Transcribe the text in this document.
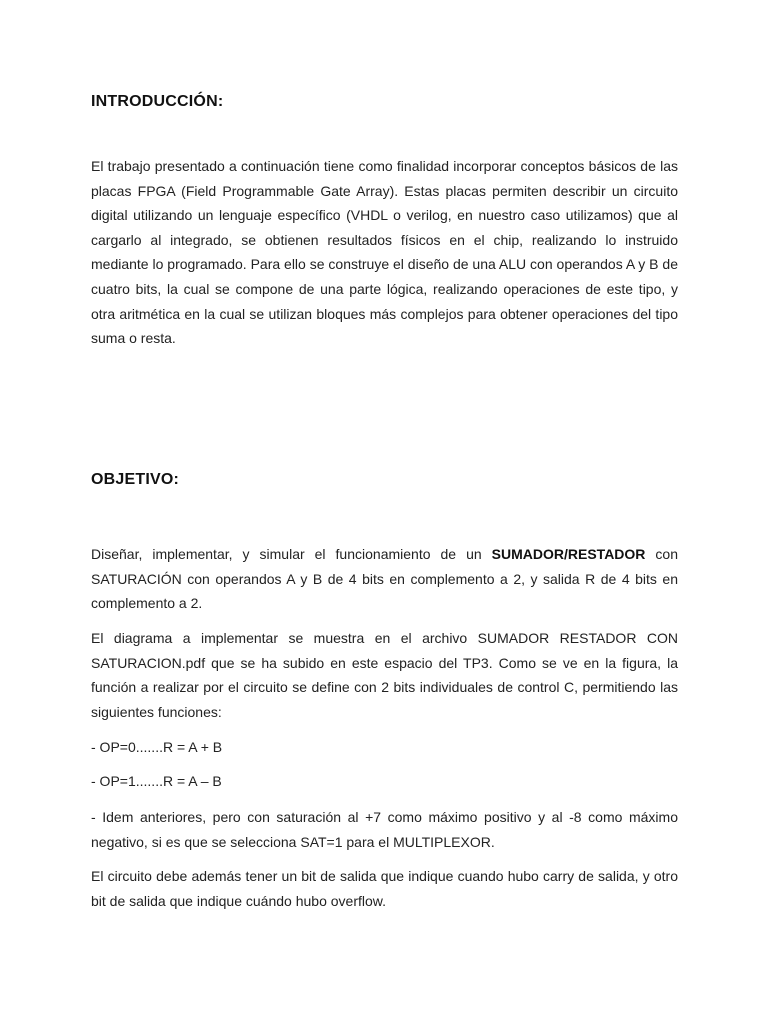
INTRODUCCIÓN:

El trabajo presentado a continuación tiene como finalidad incorporar conceptos básicos de las placas FPGA (Field Programmable Gate Array). Estas placas permiten describir un circuito digital utilizando un lenguaje específico (VHDL o verilog, en nuestro caso utilizamos) que al cargarlo al integrado, se obtienen resultados físicos en el chip, realizando lo instruido mediante lo programado. Para ello se construye el diseño de una ALU con operandos A y B de cuatro bits, la cual se compone de una parte lógica, realizando operaciones de este tipo, y otra aritmética en la cual se utilizan bloques más complejos para obtener operaciones del tipo suma o resta.

OBJETIVO:

Diseñar, implementar, y simular el funcionamiento de un SUMADOR/RESTADOR con SATURACIÓN con operandos A y B de 4 bits en complemento a 2, y salida R de 4 bits en complemento a 2.

El diagrama a implementar se muestra en el archivo SUMADOR RESTADOR CON SATURACION.pdf que se ha subido en este espacio del TP3. Como se ve en la figura, la función a realizar por el circuito se define con 2 bits individuales de control C, permitiendo las siguientes funciones:

- OP=0.......R = A + B

- OP=1.......R = A – B

- Idem anteriores, pero con saturación al +7 como máximo positivo y al -8 como máximo negativo, si es que se selecciona SAT=1 para el MULTIPLEXOR.

El circuito debe además tener un bit de salida que indique cuando hubo carry de salida, y otro bit de salida que indique cuándo hubo overflow.
